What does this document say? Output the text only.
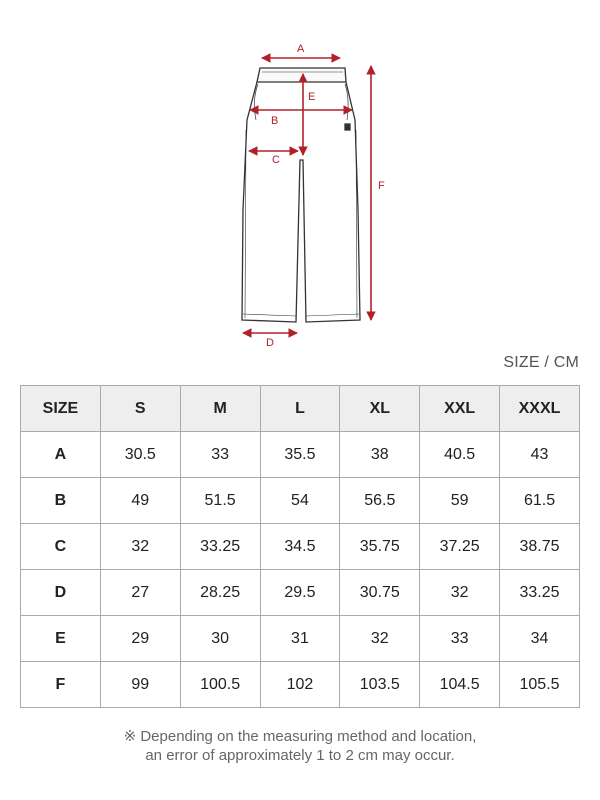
A
E
B
C
D
F
SIZE / CM
SIZE	S	M	L	XL	XXL	XXXL
A	30.5	33	35.5	38	40.5	43
B	49	51.5	54	56.5	59	61.5
C	32	33.25	34.5	35.75	37.25	38.75
D	27	28.25	29.5	30.75	32	33.25
E	29	30	31	32	33	34
F	99	100.5	102	103.5	104.5	105.5
※ Depending on the measuring method and location,
an error of approximately 1 to 2 cm may occur.
